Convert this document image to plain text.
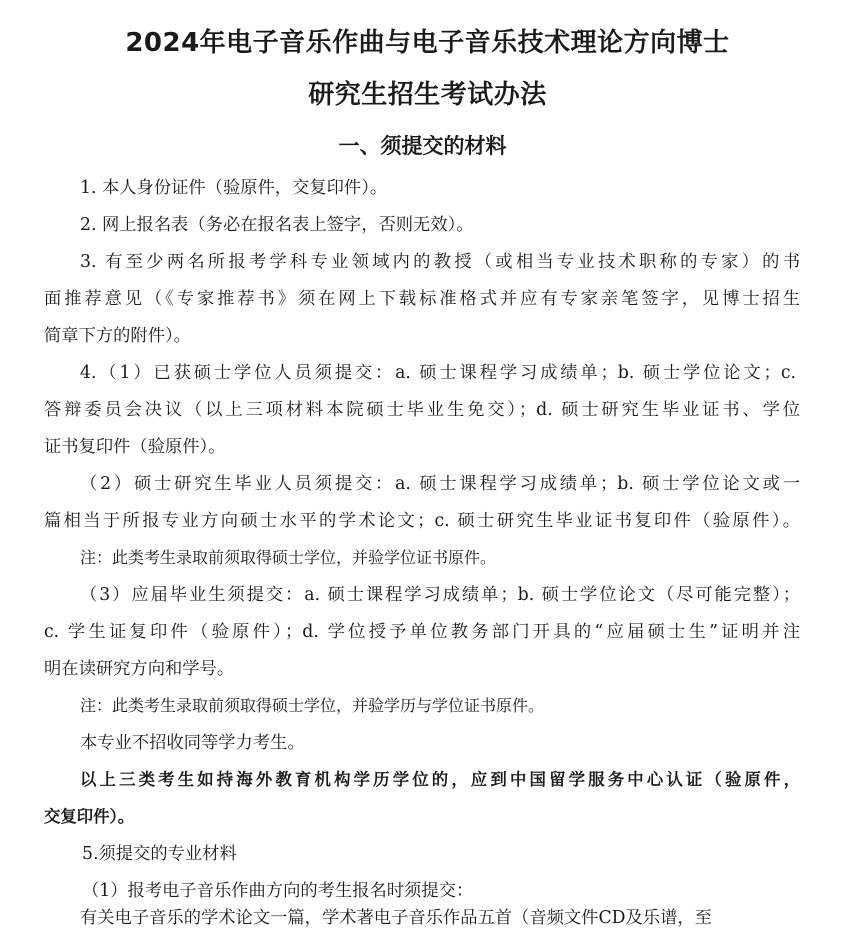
2024年电子音乐作曲与电子音乐技术理论方向博士
研究生招生考试办法
一、须提交的材料
1. 本人身份证件（验原件，交复印件）。
2. 网上报名表（务必在报名表上签字，否则无效）。
3. 有至少两名所报考学科专业领域内的教授（或相当专业技术职称的专家）的书
面推荐意见（《专家推荐书》须在网上下载标准格式并应有专家亲笔签字，见博士招生
简章下方的附件）。
4.（1）已获硕士学位人员须提交：a. 硕士课程学习成绩单；b. 硕士学位论文；c.
答辩委员会决议（以上三项材料本院硕士毕业生免交）；d. 硕士研究生毕业证书、学位
证书复印件（验原件）。
（2）硕士研究生毕业人员须提交：a. 硕士课程学习成绩单；b. 硕士学位论文或一
篇相当于所报专业方向硕士水平的学术论文；c. 硕士研究生毕业证书复印件（验原件）。
注：此类考生录取前须取得硕士学位，并验学位证书原件。
（3）应届毕业生须提交：a. 硕士课程学习成绩单；b. 硕士学位论文（尽可能完整）；
c. 学生证复印件（验原件）；d. 学位授予单位教务部门开具的“应届硕士生”证明并注
明在读研究方向和学号。
注：此类考生录取前须取得硕士学位，并验学历与学位证书原件。
本专业不招收同等学力考生。
以上三类考生如持海外教育机构学历学位的，应到中国留学服务中心认证（验原件，
交复印件）。
5.须提交的专业材料
（1）报考电子音乐作曲方向的考生报名时须提交：
有关电子音乐的学术论文一篇，学术著电子音乐作品五首（音频文件CD及乐谱，至
